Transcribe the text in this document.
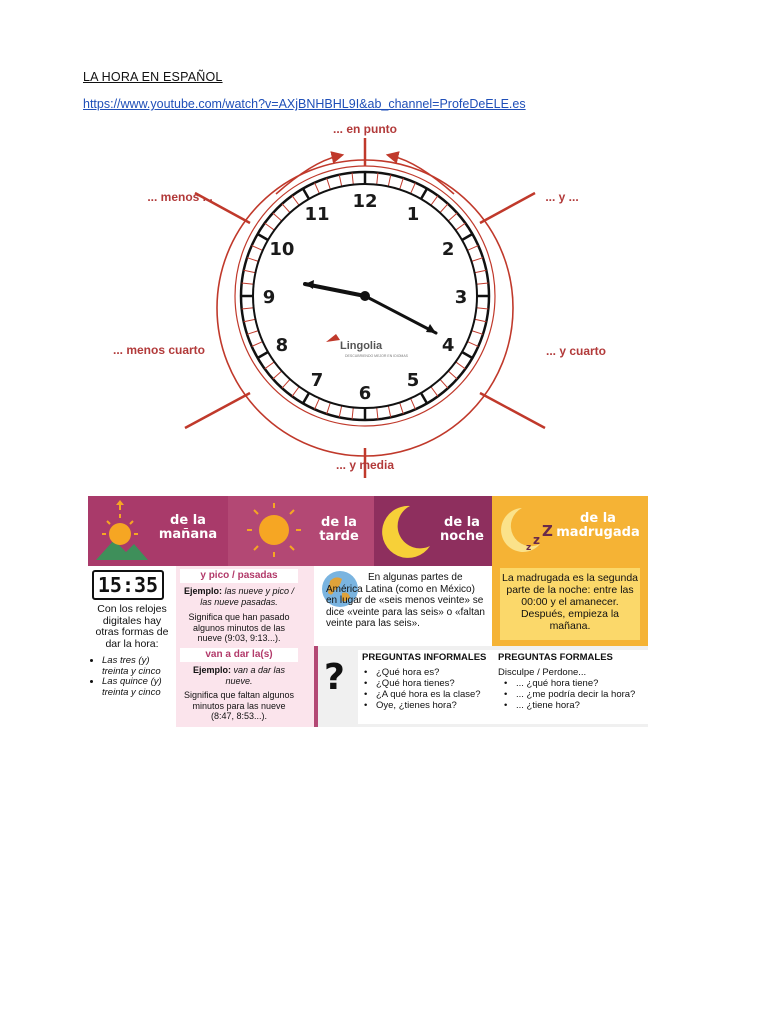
LA HORA EN ESPAÑOL
https://www.youtube.com/watch?v=AXjBNHBHL9I&ab_channel=ProfeDeELE.es
12
1
2
3
4
5
6
7
8
9
10
11
Lingolia
DESCUBRIENDO MEJOR EN IDIOMAS
... en punto
... menos ...	... y ...
... menos cuarto	... y cuarto
... y media
de la mañana
de la tarde
de la noche
z
z Z
de la madrugada
15:35
Con los relojes digitales hay otras formas de dar la hora:
• Las tres (y) treinta y cinco
• Las quince (y) treinta y cinco
y pico / pasadas
Ejemplo: las nueve y pico / las nueve pasadas.
Significa que han pasado algunos minutos de las nueve (9:03, 9:13...).
van a dar la(s)
Ejemplo: van a dar las nueve.
Significa que faltan algunos minutos para las nueve (8:47, 8:53...).
En algunas partes de América Latina (como en México) en lugar de «seis menos veinte» se dice «veinte para las seis» o «faltan veinte para las seis».
La madrugada es la segunda parte de la noche: entre las 00:00 y el amanecer. Después, empieza la mañana.
?	PREGUNTAS INFORMALES
• ¿Qué hora es?
• ¿Qué hora tienes?
• ¿A qué hora es la clase?
• Oye, ¿tienes hora?
PREGUNTAS FORMALES
Disculpe / Perdone...
• ... ¿qué hora tiene?
• ... ¿me podría decir la hora?
• ... ¿tiene hora?
